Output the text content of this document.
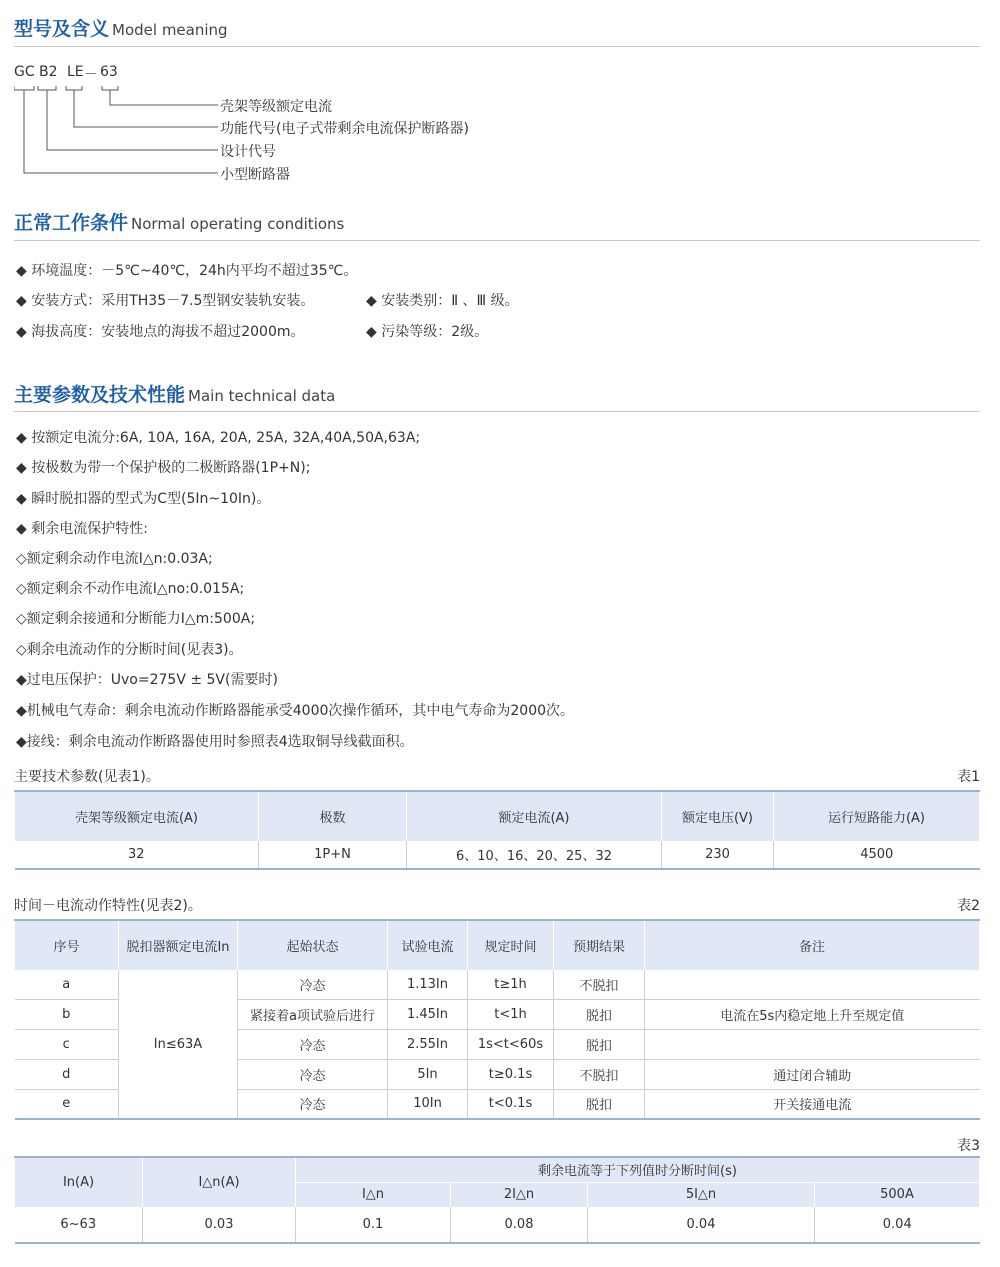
型号及含义 Model meaning
GC B2 LE － 63
壳架等级额定电流
功能代号(电子式带剩余电流保护断路器)
设计代号
小型断路器
正常工作条件 Normal operating conditions
◆ 环境温度：－5℃~40℃，24h内平均不超过35℃。
◆ 安装方式：采用TH35－7.5型钢安装轨安装。	◆ 安装类别：Ⅱ 、Ⅲ 级。
◆ 海拔高度：安装地点的海拔不超过2000m。	◆ 污染等级：2级。
主要参数及技术性能 Main technical data
◆ 按额定电流分:6A, 10A, 16A, 20A, 25A, 32A,40A,50A,63A;
◆ 按极数为带一个保护极的二极断路器(1P+N);
◆ 瞬时脱扣器的型式为C型(5In~10In)。
◆ 剩余电流保护特性:
◇额定剩余动作电流I△n:0.03A;
◇额定剩余不动作电流I△no:0.015A;
◇额定剩余接通和分断能力I△m:500A;
◇剩余电流动作的分断时间(见表3)。
◆过电压保护：Uvo=275V ± 5V(需要时)
◆机械电气寿命：剩余电流动作断路器能承受4000次操作循环，其中电气寿命为2000次。
◆接线：剩余电流动作断路器使用时参照表4选取铜导线截面积。
主要技术参数(见表1)。	表1
壳架等级额定电流(A)	极数	额定电流(A)	额定电压(V)	运行短路能力(A)
32	1P+N	6、10、16、20、25、32	230	4500
时间－电流动作特性(见表2)。	表2
序号	脱扣器额定电流In	起始状态	试验电流	规定时间	预期结果	备注
a	In≤63A	冷态	1.13In	t≥1h	不脱扣	
b		紧接着a项试验后进行	1.45In	t<1h	脱扣	电流在5s内稳定地上升至规定值
c		冷态	2.55In	1s<t<60s	脱扣	
d		冷态	5In	t≥0.1s	不脱扣	通过闭合辅助
e		冷态	10In	t<0.1s	脱扣	开关接通电流
表3
In(A)	I△n(A)	剩余电流等于下列值时分断时间(s)			
		I△n	2I△n	5I△n	500A
6~63	0.03	0.1	0.08	0.04	0.04
